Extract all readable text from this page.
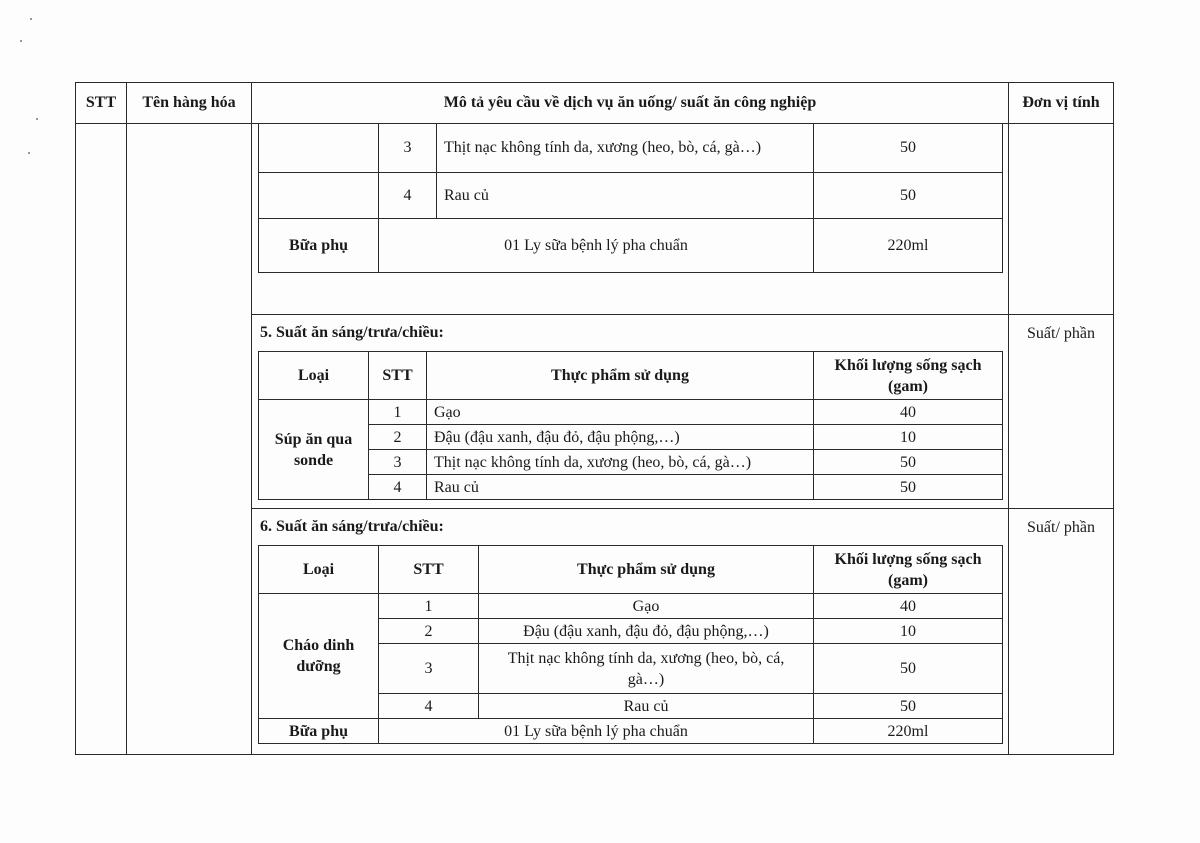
STT	Tên hàng hóa	Mô tả yêu cầu về dịch vụ ăn uống/ suất ăn công nghiệp	Đơn vị tính

	3	Thịt nạc không tính da, xương (heo, bò, cá, gà…)	50
	4	Rau củ	50
Bữa phụ	01 Ly sữa bệnh lý pha chuẩn	220ml

5. Suất ăn sáng/trưa/chiều:
Loại	STT	Thực phẩm sử dụng	Khối lượng sống sạch (gam)
Súp ăn qua sonde	1	Gạo	40
2	Đậu (đậu xanh, đậu đỏ, đậu phộng,…)	10
3	Thịt nạc không tính da, xương (heo, bò, cá, gà…)	50
4	Rau củ	50
	Suất/ phần

6. Suất ăn sáng/trưa/chiều:
Loại	STT	Thực phẩm sử dụng	Khối lượng sống sạch (gam)
Cháo dinh dưỡng	1	Gạo	40
2	Đậu (đậu xanh, đậu đỏ, đậu phộng,…)	10
3	Thịt nạc không tính da, xương (heo, bò, cá, gà…)	50
4	Rau củ	50
Bữa phụ	01 Ly sữa bệnh lý pha chuẩn	220ml
	Suất/ phần
